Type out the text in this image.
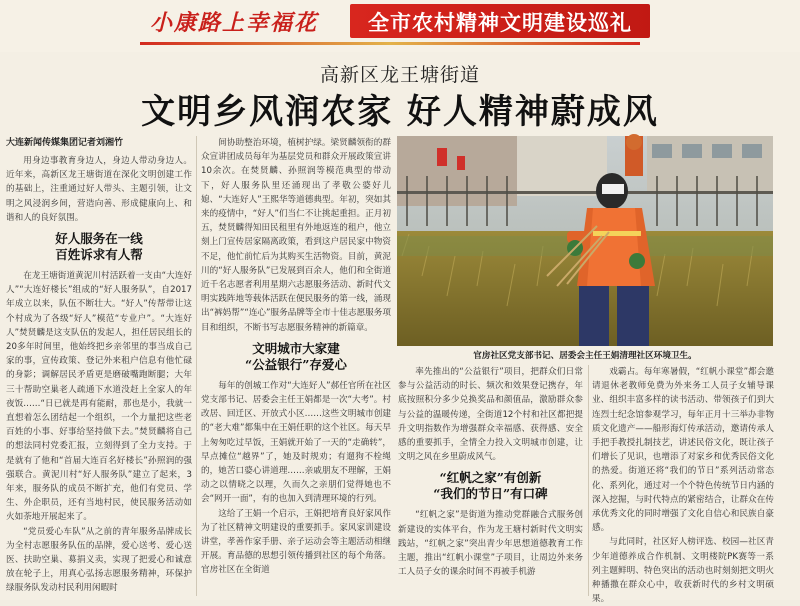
小康路上幸福花	全市农村精神文明建设巡礼
高新区龙王塘街道
文明乡风润农家 好人精神蔚成风
大连新闻传媒集团记者刘湘竹

用身边事教育身边人，身边人带动身边人。近年来，高新区龙王塘街道在深化文明创建工作的基础上，注重通过好人带头、主题引领，让文明之风浸润乡间，营造向善、形成健康向上、和谐和人的良好氛围。

好人服务在一线
百姓诉求有人帮

在龙王塘街道黄泥川村活跃着一支由“大连好人”“大连好楼长”组成的“好人服务队”，自2017年成立以来，队伍不断壮大。“好人”传帮带让这个村成为了各级“好人”模范“专业户”。“大连好人”焚贤麟是这支队伍的发起人，担任居民组长的20多年时间里，他始终把乡亲邻里的事当成自己家的事，宣传政策、登记外来租户信息有他忙碌的身影；调解居民矛盾更是磨破嘴跑断腿；大年三十帮助空巢老人疏通下水道没赶上全家人的年夜饭……“日已就是再有能耐，那也是小，我就一直想着怎么团结起一个组织，一个力量把这些老百姓的小事、好事给坚持做下去。”焚贤麟将自己的想法同村党委汇报，立刻得到了全力支持。于是就有了他和“首届大连百名好楼长”孙照润的强强联合。黄泥川村“好人服务队”建立了起来，3年来，服务队的成员不断扩充，他们有党员、学生、外企职员，还有当地村民，使民服务活动如火如荼地开展起来了。

“党员爱心车队”从之前的青年服务品牌成长为全村志愿服务队伍的品牌，爱心送考、爱心送医、扶助空巢、募捐义卖，实现了把爱心和诚意放在轮子上，用真心弘扬志愿服务精神，环保护绿服务队发动村民利用闲暇时

间协助整治环境，植树护绿。梁贤麟领衔的群众宣讲团成员每年为基层党员和群众开展政策宣讲10余次。在焚贤麟、孙照润等模范典型的带动下，好人服务队里还涌现出了孝敬公婆好儿媳、“大连好人”王熙华等道德典型。年初，突如其来的疫情中，“好人”们当仁不让挑起重担。正月初五，焚贤麟得知田民租里有外地返连的租户，他立刻上门宣传居家隔离政策，看到这户居民家中物资不足，他忙前忙后为其购买生活物资。目前，黄泥川的“好人服务队”已发展到百余人，他们和全街道近千名志愿者利用星期六志愿服务活动、新时代文明实践阵地等载体活跃在便民服务的第一线，涌现出“裤妈帮”“连心”服务品牌等全市十佳志愿服务项目和组织，不断书写志愿服务精神的新篇章。

文明城市大家建
“公益银行”存爱心

每年的创城工作对“大连好人”郝任官所在社区党支部书记、居委会主任王娟都是一次“大考”。村改居、回迁区、开放式小区……这些文明城市创建的“老大难”都集中在王娟任职的这个社区。每天早上匆匆吃过早饭，王娟就开始了一天的“走确转”，早点摊位“越界”了，她及时规劝；有遛狗不栓绳的，她苦口婆心讲道理……亲戚朋友不理解，王娟动之以情晓之以理，久而久之亲朋们觉得她也不会“网开一面”，有的也加入到清理环境的行列。

这给了王娟一个启示，王娟把培育良好家风作为了社区精神文明建设的重要抓手。家风家训建设讲堂，孝善作家手册、亲子运动会等主题活动相继开展。育品德的思想引领传播到社区的每个角落。官房社区在全街道

官房社区党支部书记、居委会主任王娟清理社区环境卫生。

率先推出的“公益银行”项目，把群众们日常参与公益活动的时长、频次和效果登记携存，年底按照积分多少兑换奖品和颜值品，激励群众参与公益的温暖传递，全街道12个村和社区都把提升文明指数作为增强群众幸福感、获得感、安全感的重要抓手，全情全力投入文明城市创建，让文明之风在乡里蔚成风气。

“红帆之家”有创新
“我们的节日”有口碑

“红帆之家”是街道为推动党群融合式服务创新建设的实体平台，作为龙王塘村新时代文明实践站，“红帆之家”突出青少年思想道德教育工作主题，推出“红帆小课堂”子项目，让周边外来务工人员子女的课余时间不再被手机游

戏霸占。每年寒暑假，“红帆小课堂”都会邀请退休老教师免费为外来务工人员子女辅导课业、组织丰富多样的读书活动、带领孩子们到大连烈士纪念馆参观学习，每年正月十三举办非物质文化遗产——船形海灯传承活动，邀请传承人手把手教授扎制技艺，讲述民俗文化，既让孩子们增长了见识，也增添了对家乡和优秀民俗文化的热爱。街道还将“我们的节日”系列活动常态化、系列化，通过对一个个特色传统节日内涵的深入挖掘，与时代特点的紧密结合，让群众在传承优秀文化的同时增强了文化自信心和民族自豪感。

与此同时，社区好人榜评选、校园—社区青少年道德养成合作机制、文明楼院PK赛等一系列主题鲜明、特色突出的活动也时刻刻把文明火种播撒在群众心中，收获新时代的乡村文明硕果。
